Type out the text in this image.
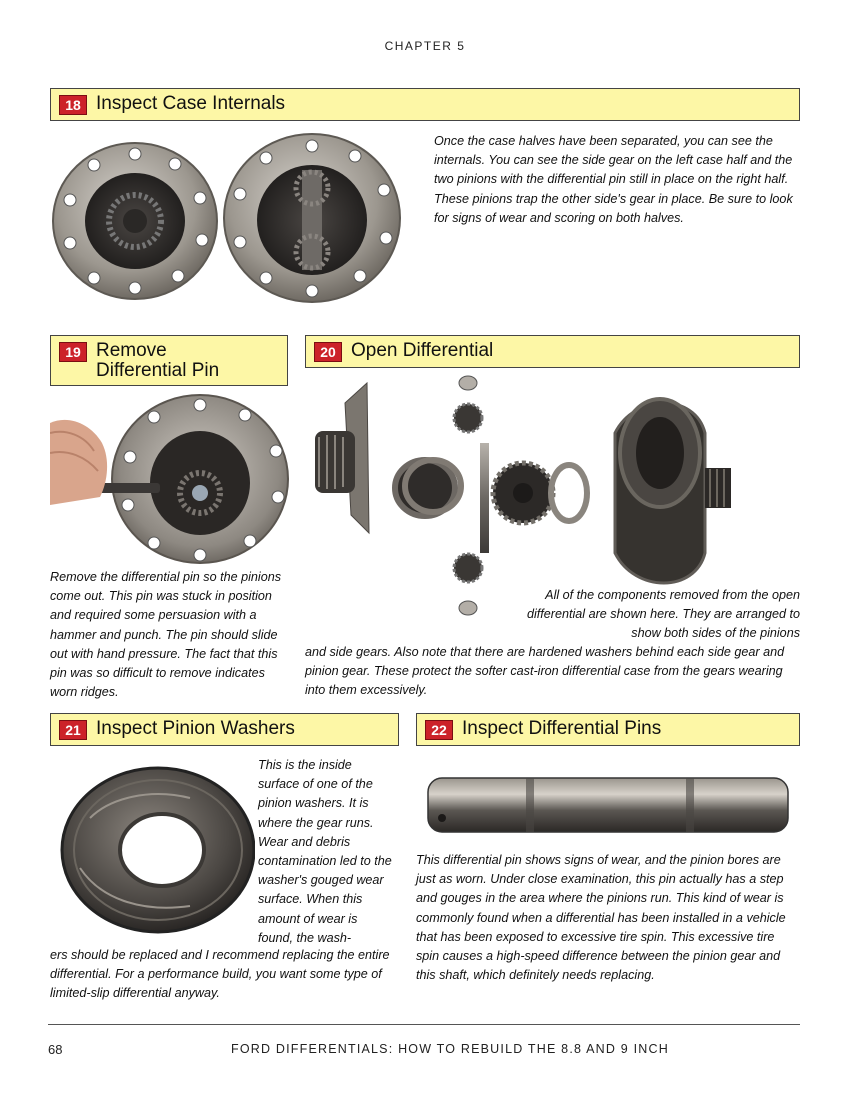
CHAPTER 5
18 Inspect Case Internals
Once the case halves have been separated, you can see the internals. You can see the side gear on the left case half and the two pinions with the differential pin still in place on the right half. These pinions trap the other side's gear in place. Be sure to look for signs of wear and scoring on both halves.
19 Remove
Differential Pin
Remove the differential pin so the pinions come out. This pin was stuck in position and required some persuasion with a hammer and punch. The pin should slide out with hand pressure. The fact that this pin was so difficult to remove indicates worn ridges.
20 Open Differential
All of the components removed from the open differential are shown here. They are arranged to show both sides of the pinions
and side gears. Also note that there are hardened washers behind each side gear and pinion gear. These protect the softer cast-iron differential case from the gears wearing into them excessively.
21 Inspect Pinion Washers
This is the inside surface of one of the pinion washers. It is where the gear runs. Wear and debris contamination led to the washer's gouged wear surface. When this amount of wear is found, the wash-
ers should be replaced and I recommend replacing the entire differential. For a performance build, you want some type of limited-slip differential anyway.
22 Inspect Differential Pins
This differential pin shows signs of wear, and the pinion bores are just as worn. Under close examination, this pin actually has a step and gouges in the area where the pinions run. This kind of wear is commonly found when a differential has been installed in a vehicle that has been exposed to excessive tire spin. This excessive tire spin causes a high-speed difference between the pinion gear and this shaft, which definitely needs replacing.
68	FORD DIFFERENTIALS: HOW TO REBUILD THE 8.8 AND 9 INCH
